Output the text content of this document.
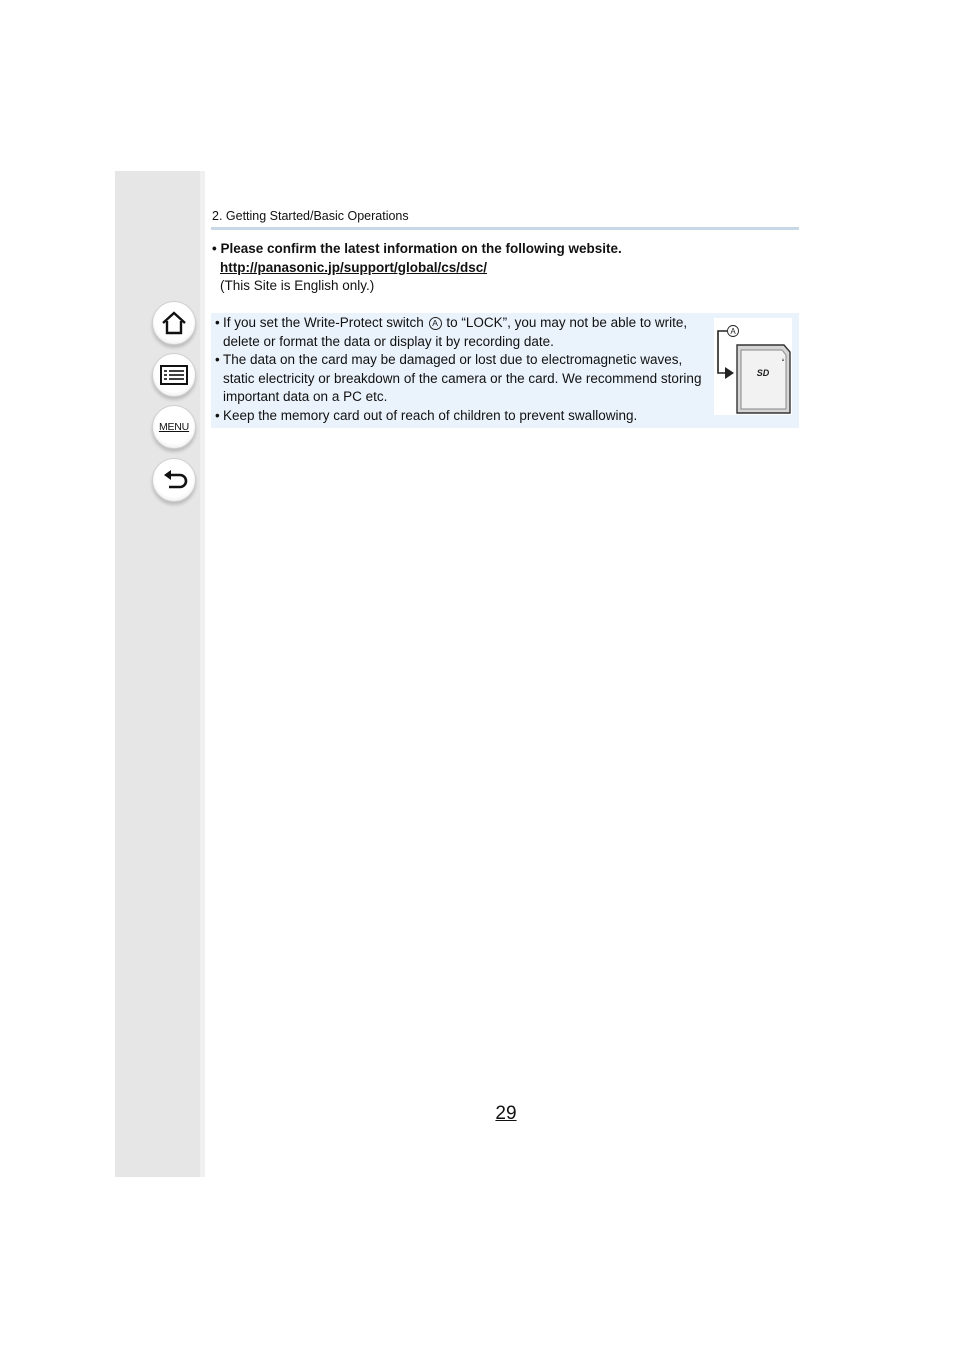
MENU
2. Getting Started/Basic Operations
• Please confirm the latest information on the following website.
http://panasonic.jp/support/global/cs/dsc/
(This Site is English only.)
• If you set the Write-Protect switch A to “LOCK”, you may not be able to write, delete or format the data or display it by recording date.
• The data on the card may be damaged or lost due to electromagnetic waves, static electricity or breakdown of the camera or the card. We recommend storing important data on a PC etc.
• Keep the memory card out of reach of children to prevent swallowing.
A
SD
29
